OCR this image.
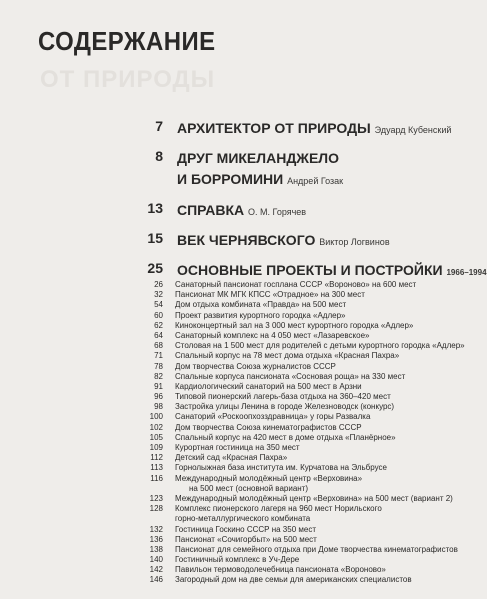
СОДЕРЖАНИЕ
ОТ ПРИРОДЫ
7 АРХИТЕКТОР ОТ ПРИРОДЫ Эдуард Кубенский
8 ДРУГ МИКЕЛАНДЖЕЛО
И БОРРОМИНИ Андрей Гозак
13 СПРАВКА О. М. Горячев
15 ВЕК ЧЕРНЯВСКОГО Виктор Логвинов
25 ОСНОВНЫЕ ПРОЕКТЫ И ПОСТРОЙКИ 1966–1994
26 Санаторный пансионат госплана СССР «Вороново» на 600 мест
32 Пансионат МК МГК КПСС «Отрадное» на 300 мест
54 Дом отдыха комбината «Правда» на 500 мест
60 Проект развития курортного городка «Адлер»
62 Киноконцертный зал на 3 000 мест курортного городка «Адлер»
64 Санаторный комплекс на 4 050 мест «Лазаревское»
68 Столовая на 1 500 мест для родителей с детьми курортного городка «Адлер»
71 Спальный корпус на 78 мест дома отдыха «Красная Пахра»
78 Дом творчества Союза журналистов СССР
82 Спальные корпуса пансионата «Сосновая роща» на 330 мест
91 Кардиологический санаторий на 500 мест в Арзни
96 Типовой пионерский лагерь-база отдыха на 360–420 мест
98 Застройка улицы Ленина в городе Железноводск (конкурс)
100 Санаторий «Роскоопхозздравница» у горы Развалка
102 Дом творчества Союза кинематографистов СССР
105 Спальный корпус на 420 мест в доме отдыха «Планёрное»
109 Курортная гостиница на 350 мест
112 Детский сад «Красная Пахра»
113 Горнолыжная база института им. Курчатова на Эльбрусе
116 Международный молодёжный центр «Верховина»
на 500 мест (основной вариант)
123 Международный молодёжный центр «Верховина» на 500 мест (вариант 2)
128 Комплекс пионерского лагеря на 960 мест Норильского
горно-металлургического комбината
132 Гостиница Госкино СССР на 350 мест
136 Пансионат «Сочигорбыт» на 500 мест
138 Пансионат для семейного отдыха при Доме творчества кинематографистов
140 Гостиничный комплекс в Уч-Дере
142 Павильон термоводолечебница пансионата «Вороново»
146 Загородный дом на две семьи для американских специалистов
